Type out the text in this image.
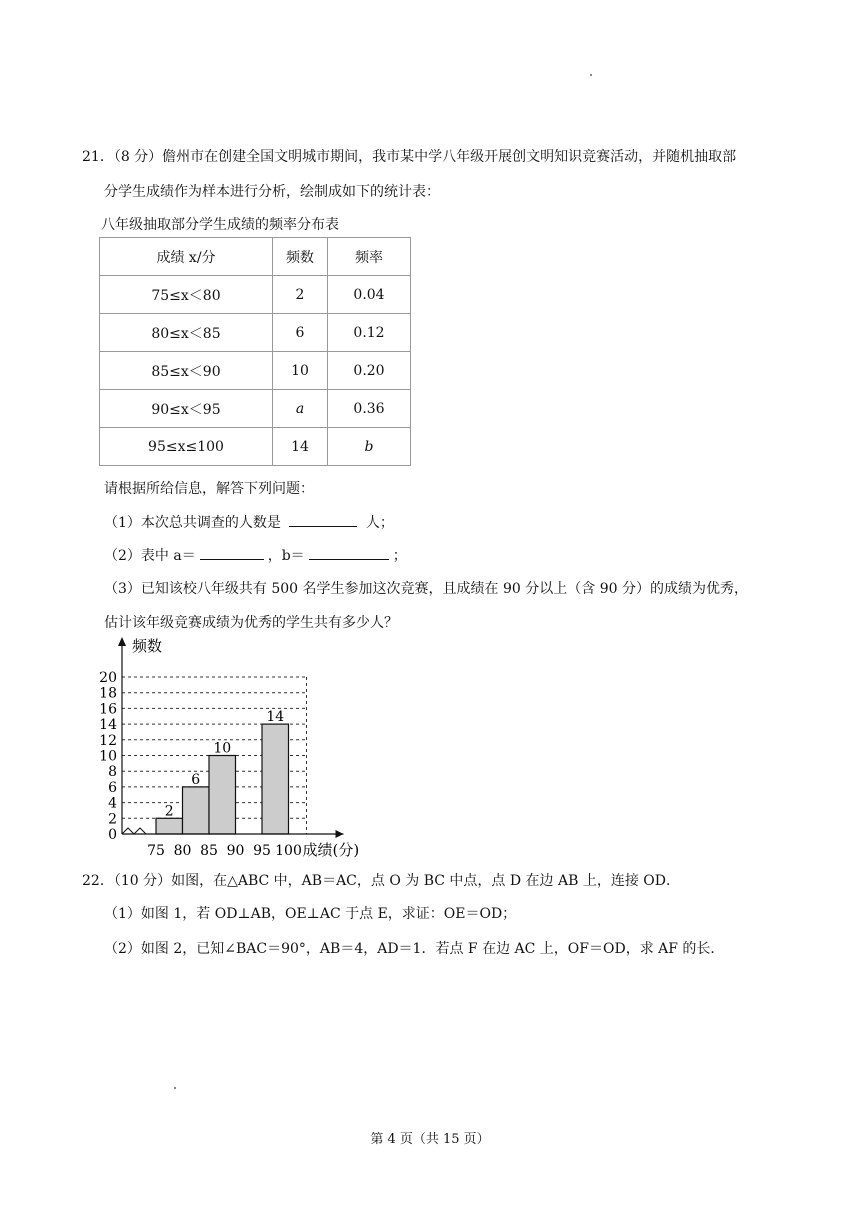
21．（8 分）儋州市在创建全国文明城市期间，我市某中学八年级开展创文明知识竞赛活动，并随机抽取部
分学生成绩作为样本进行分析，绘制成如下的统计表：
八年级抽取部分学生成绩的频率分布表
成绩 x/分	频数	频率
75≤x＜80	2	0.04
80≤x＜85	6	0.12
85≤x＜90	10	0.20
90≤x＜95	a	0.36
95≤x≤100	14	b
请根据所给信息，解答下列问题：
（1）本次总共调查的人数是	人；
（2）表中 a＝	，b＝	；
（3）已知该校八年级共有 500 名学生参加这次竞赛，且成绩在 90 分以上（含 90 分）的成绩为优秀，
估计该年级竞赛成绩为优秀的学生共有多少人？
2
6
10
14
0
2
4
6
8
10
12
14
16
18
20
75 80 85 90 95 100
频数
成绩(分)
22．（10 分）如图，在△ABC 中，AB＝AC，点 O 为 BC 中点，点 D 在边 AB 上，连接 OD．
（1）如图 1，若 OD⊥AB，OE⊥AC 于点 E，求证：OE＝OD；
（2）如图 2，已知∠BAC＝90°，AB＝4，AD＝1．若点 F 在边 AC 上，OF＝OD，求 AF 的长．
第 4 页（共 15 页）
